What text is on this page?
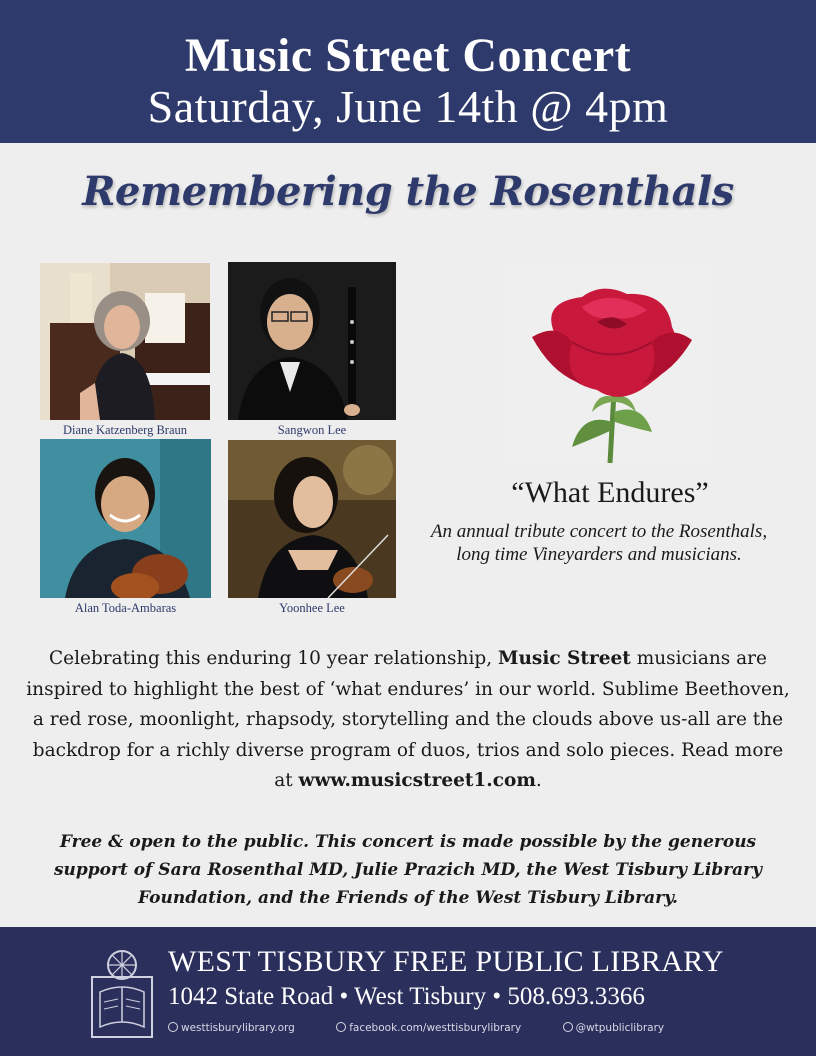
Music Street Concert
Saturday, June 14th @ 4pm
Remembering the Rosenthals
Diane Katzenberg Braun	Sangwon Lee
Alan Toda-Ambaras	Yoonhee Lee
“What Endures”
An annual tribute concert to the Rosenthals, long time Vineyarders and musicians.
Celebrating this enduring 10 year relationship, Music Street musicians are inspired to highlight the best of ‘what endures’ in our world. Sublime Beethoven, a red rose, moonlight, rhapsody, storytelling and the clouds above us-all are the backdrop for a richly diverse program of duos, trios and solo pieces. Read more at www.musicstreet1.com.
Free & open to the public. This concert is made possible by the generous support of Sara Rosenthal MD, Julie Prazich MD, the West Tisbury Library Foundation, and the Friends of the West Tisbury Library.
WEST TISBURY FREE PUBLIC LIBRARY
1042 State Road • West Tisbury • 508.693.3366
westtisburylibrary.org	facebook.com/westtisburylibrary	@wtpubliclibrary
